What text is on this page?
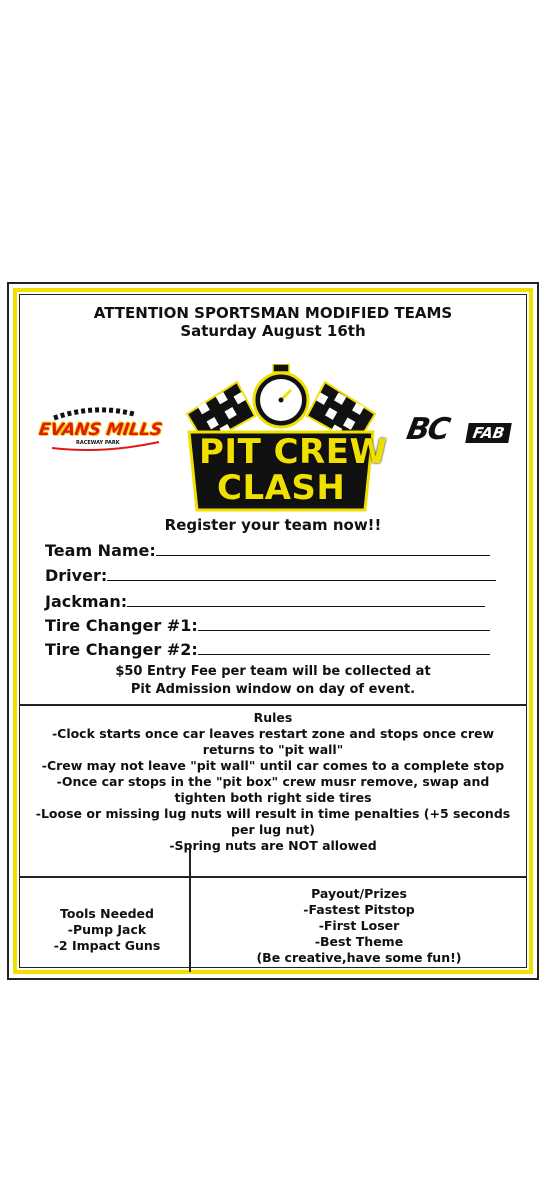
ATTENTION SPORTSMAN MODIFIED TEAMS
Saturday August 16th
EVANS MILLS
RACEWAY PARK PIT CREW
CLASH
BC	FAB
Register your team now!!
Team Name:
Driver:
Jackman:
Tire Changer #1:
Tire Changer #2:
$50 Entry Fee per team will be collected at
Pit Admission window on day of event.
Rules
-Clock starts once car leaves restart zone and stops once crew returns to "pit wall"
-Crew may not leave "pit wall" until car comes to a complete stop
-Once car stops in the "pit box" crew musr remove, swap and tighten both right side tires
-Loose or missing lug nuts will result in time penalties (+5 seconds per lug nut)
-Spring nuts are NOT allowed
Tools Needed
-Pump Jack
-2 Impact Guns
Payout/Prizes
-Fastest Pitstop
-First Loser
-Best Theme
(Be creative,have some fun!)
